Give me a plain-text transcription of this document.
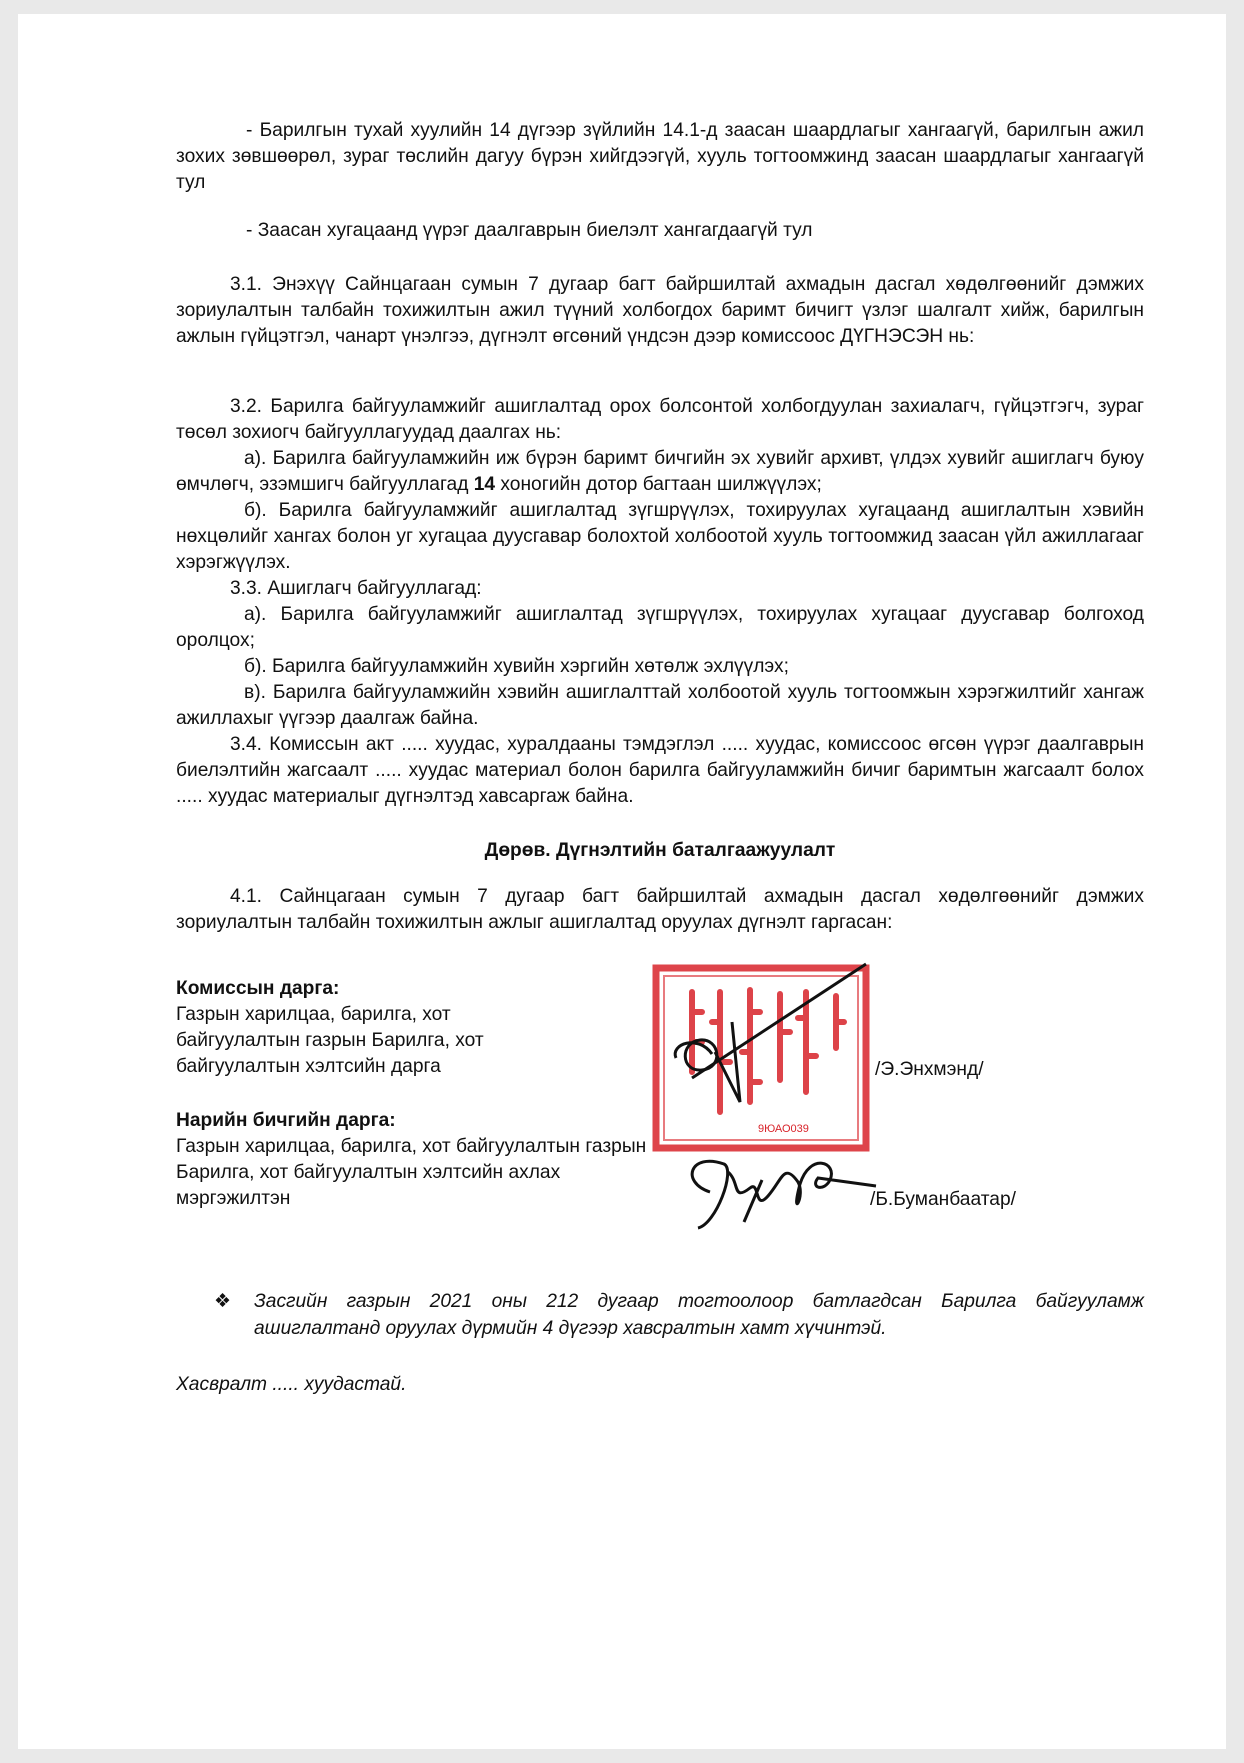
- Барилгын тухай хуулийн 14 дүгээр зүйлийн 14.1-д заасан шаардлагыг хангаагүй, барилгын ажил зохих зөвшөөрөл, зураг төслийн дагуу бүрэн хийгдээгүй, хууль тогтоомжинд заасан шаардлагыг хангаагүй тул

- Заасан хугацаанд үүрэг даалгаврын биелэлт хангагдаагүй тул

3.1. Энэхүү Сайнцагаан сумын 7 дугаар багт байршилтай ахмадын дасгал хөдөлгөөнийг дэмжих зориулалтын талбайн тохижилтын ажил түүний холбогдох баримт бичигт үзлэг шалгалт хийж, барилгын ажлын гүйцэтгэл, чанарт үнэлгээ, дүгнэлт өгсөний үндсэн дээр комиссоос ДҮГНЭСЭН нь:

3.2. Барилга байгууламжийг ашиглалтад орох болсонтой холбогдуулан захиалагч, гүйцэтгэгч, зураг төсөл зохиогч байгууллагуудад даалгах нь:

а). Барилга байгууламжийн иж бүрэн баримт бичгийн эх хувийг архивт, үлдэх хувийг ашиглагч буюу өмчлөгч, эзэмшигч байгууллагад 14 хоногийн дотор багтаан шилжүүлэх;

б). Барилга байгууламжийг ашиглалтад зүгшрүүлэх, тохируулах хугацаанд ашиглалтын хэвийн нөхцөлийг хангах болон уг хугацаа дуусгавар болохтой холбоотой хууль тогтоомжид заасан үйл ажиллагааг хэрэгжүүлэх.

3.3. Ашиглагч байгууллагад:

а). Барилга байгууламжийг ашиглалтад зүгшрүүлэх, тохируулах хугацааг дуусгавар болгоход оролцох;

б). Барилга байгууламжийн хувийн хэргийн хөтөлж эхлүүлэх;

в). Барилга байгууламжийн хэвийн ашиглалттай холбоотой хууль тогтоомжын хэрэгжилтийг хангаж ажиллахыг үүгээр даалгаж байна.

3.4. Комиссын акт ..... хуудас, хуралдааны тэмдэглэл ..... хуудас, комиссоос өгсөн үүрэг даалгаврын биелэлтийн жагсаалт ..... хуудас материал болон барилга байгууламжийн бичиг баримтын жагсаалт болох ..... хуудас материалыг дүгнэлтэд хавсаргаж байна.

Дөрөв. Дүгнэлтийн баталгаажуулалт

4.1. Сайнцагаан сумын 7 дугаар багт байршилтай ахмадын дасгал хөдөлгөөнийг дэмжих зориулалтын талбайн тохижилтын ажлыг ашиглалтад оруулах дүгнэлт гаргасан:

Комиссын дарга:
Газрын харилцаа, барилга, хот байгуулалтын газрын Барилга, хот байгуулалтын хэлтсийн дарга	/Э.Энхмэнд/
Нарийн бичгийн дарга:
Газрын харилцаа, барилга, хот байгуулалтын газрын Барилга, хот байгуулалтын хэлтсийн ахлах мэргэжилтэн	/Б.Буманбаатар/
9ЮАО039
❖ Засгийн газрын 2021 оны 212 дугаар тогтоолоор батлагдсан Барилга байгууламж ашиглалтанд оруулах дүрмийн 4 дүгээр хавсралтын хамт хүчинтэй.
Хасвралт ..... хуудастай.
